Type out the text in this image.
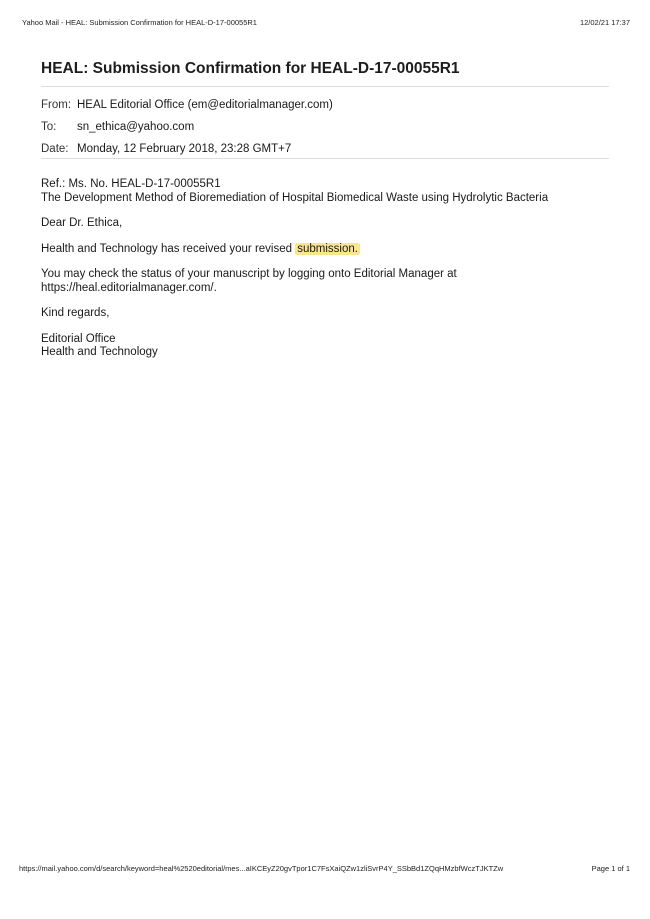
Yahoo Mail - HEAL: Submission Confirmation for HEAL-D-17-00055R1	12/02/21 17:37
HEAL: Submission Confirmation for HEAL-D-17-00055R1
From: HEAL Editorial Office (em@editorialmanager.com)
To:	sn_ethica@yahoo.com
Date: Monday, 12 February 2018, 23:28 GMT+7

Ref.: Ms. No. HEAL-D-17-00055R1
The Development Method of Bioremediation of Hospital Biomedical Waste using Hydrolytic Bacteria

Dear Dr. Ethica,

Health and Technology has received your revised submission.

You may check the status of your manuscript by logging onto Editorial Manager at
https://heal.editorialmanager.com/.

Kind regards,

Editorial Office
Health and Technology

https://mail.yahoo.com/d/search/keyword=heal%2520editorial/mes...aIKCEyZ20gvTpor1C7FsXaiQZw1zliSvrP4Y_SSbBd1ZQqHMzbfWczTJKTZw	Page 1 of 1
